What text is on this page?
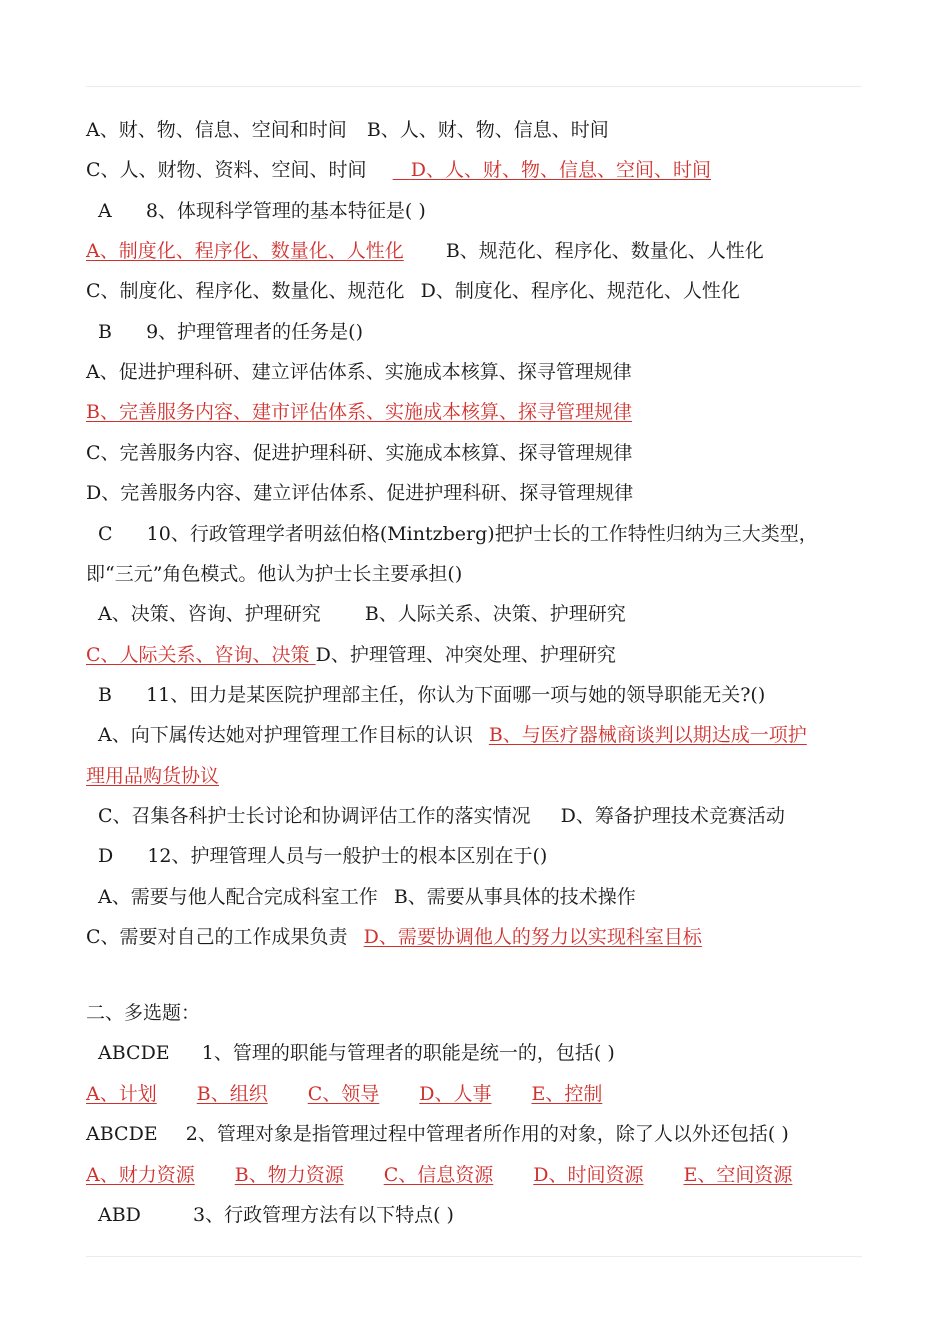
A、财、物、信息、空间和时间 B、人、财、物、信息、时间
C、人、财物、资料、空间、时间 D、人、财、物、信息、空间、时间
A 8、体现科学管理的基本特征是( )
A、制度化、程序化、数量化、人性化 B、规范化、程序化、数量化、人性化
C、制度化、程序化、数量化、规范化 D、制度化、程序化、规范化、人性化
B 9、护理管理者的任务是()
A、促进护理科研、建立评估体系、实施成本核算、探寻管理规律
B、完善服务内容、建市评估体系、实施成本核算、探寻管理规律
C、完善服务内容、促进护理科研、实施成本核算、探寻管理规律
D、完善服务内容、建立评估体系、促进护理科研、探寻管理规律
C 10、行政管理学者明兹伯格(Mintzberg)把护士长的工作特性归纳为三大类型，
即“三元”角色模式。他认为护士长主要承担()
A、决策、咨询、护理研究 B、人际关系、决策、护理研究
C、人际关系、咨询、决策 D、护理管理、冲突处理、护理研究
B 11、田力是某医院护理部主任，你认为下面哪一项与她的领导职能无关?()
A、向下属传达她对护理管理工作目标的认识 B、与医疗器械商谈判以期达成一项护
理用品购货协议
C、召集各科护士长讨论和协调评估工作的落实情况 D、筹备护理技术竞赛活动
D 12、护理管理人员与一般护士的根本区别在于()
A、需要与他人配合完成科室工作 B、需要从事具体的技术操作
C、需要对自己的工作成果负责 D、需要协调他人的努力以实现科室目标
二、多选题：
ABCDE 1、管理的职能与管理者的职能是统一的，包括( )
A、计划 B、组织 C、领导 D、人事 E、控制
ABCDE 2、管理对象是指管理过程中管理者所作用的对象，除了人以外还包括( )
A、财力资源 B、物力资源 C、信息资源 D、时间资源 E、空间资源
ABD	3、行政管理方法有以下特点( )
